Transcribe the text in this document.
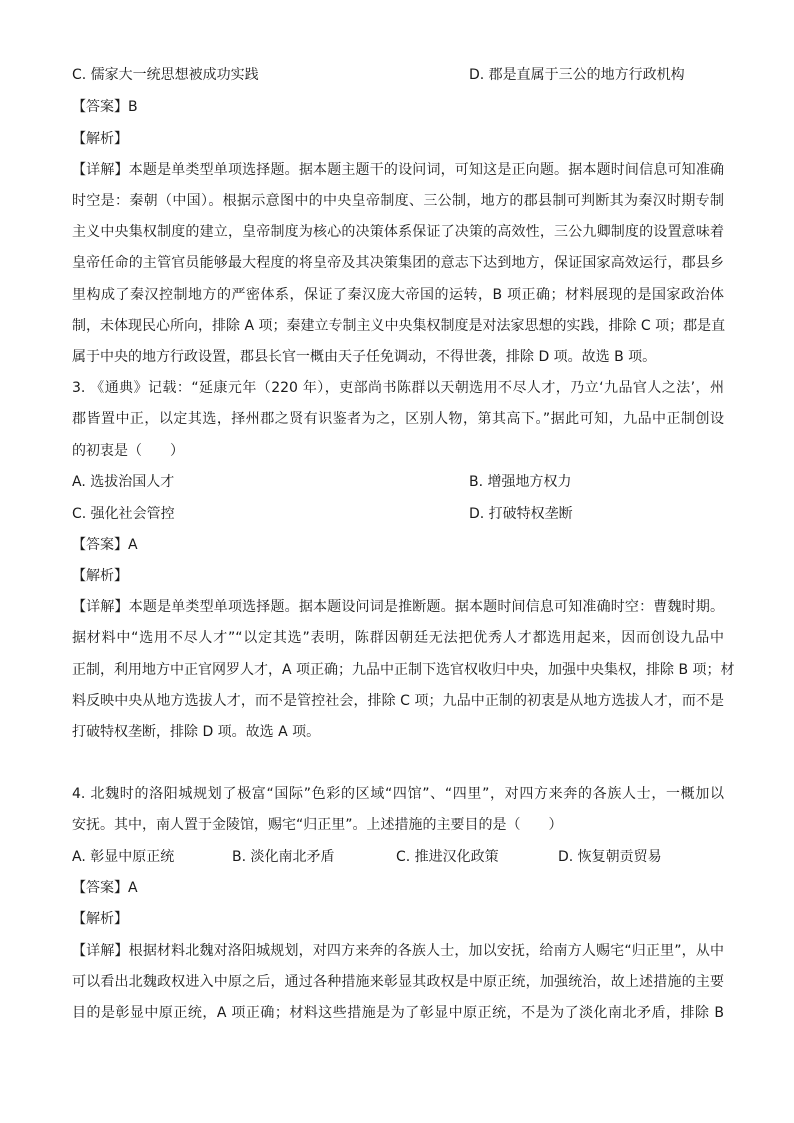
C. 儒家大一统思想被成功实践	D. 郡是直属于三公的地方行政机构
【答案】B
【解析】
【详解】本题是单类型单项选择题。据本题主题干的设问词，可知这是正向题。据本题时间信息可知准确
时空是：秦朝（中国）。根据示意图中的中央皇帝制度、三公制，地方的郡县制可判断其为秦汉时期专制
主义中央集权制度的建立，皇帝制度为核心的决策体系保证了决策的高效性，三公九卿制度的设置意味着
皇帝任命的主管官员能够最大程度的将皇帝及其决策集团的意志下达到地方，保证国家高效运行，郡县乡
里构成了秦汉控制地方的严密体系，保证了秦汉庞大帝国的运转，B 项正确；材料展现的是国家政治体
制，未体现民心所向，排除 A 项；秦建立专制主义中央集权制度是对法家思想的实践，排除 C 项；郡是直
属于中央的地方行政设置，郡县长官一概由天子任免调动，不得世袭，排除 D 项。故选 B 项。
3. 《通典》记载：“延康元年（220 年），吏部尚书陈群以天朝选用不尽人才，乃立‘九品官人之法’，州
郡皆置中正，以定其选，择州郡之贤有识鉴者为之，区别人物，第其高下。”据此可知，九品中正制创设
的初衷是（　　）
A. 选拔治国人才	B. 增强地方权力
C. 强化社会管控	D. 打破特权垄断
【答案】A
【解析】
【详解】本题是单类型单项选择题。据本题设问词是推断题。据本题时间信息可知准确时空：曹魏时期。
据材料中“选用不尽人才”“以定其选”表明，陈群因朝廷无法把优秀人才都选用起来，因而创设九品中
正制，利用地方中正官网罗人才，A 项正确；九品中正制下选官权收归中央，加强中央集权，排除 B 项；材
料反映中央从地方选拔人才，而不是管控社会，排除 C 项；九品中正制的初衷是从地方选拔人才，而不是
打破特权垄断，排除 D 项。故选 A 项。
4. 北魏时的洛阳城规划了极富“国际”色彩的区域“四馆”、“四里”，对四方来奔的各族人士，一概加以
安抚。其中，南人置于金陵馆，赐宅“归正里”。上述措施的主要目的是（　　）
A. 彰显中原正统	B. 淡化南北矛盾	C. 推进汉化政策	D. 恢复朝贡贸易
【答案】A
【解析】
【详解】根据材料北魏对洛阳城规划，对四方来奔的各族人士，加以安抚，给南方人赐宅“归正里”，从中
可以看出北魏政权进入中原之后，通过各种措施来彰显其政权是中原正统，加强统治，故上述措施的主要
目的是彰显中原正统，A 项正确；材料这些措施是为了彰显中原正统，不是为了淡化南北矛盾，排除 B
